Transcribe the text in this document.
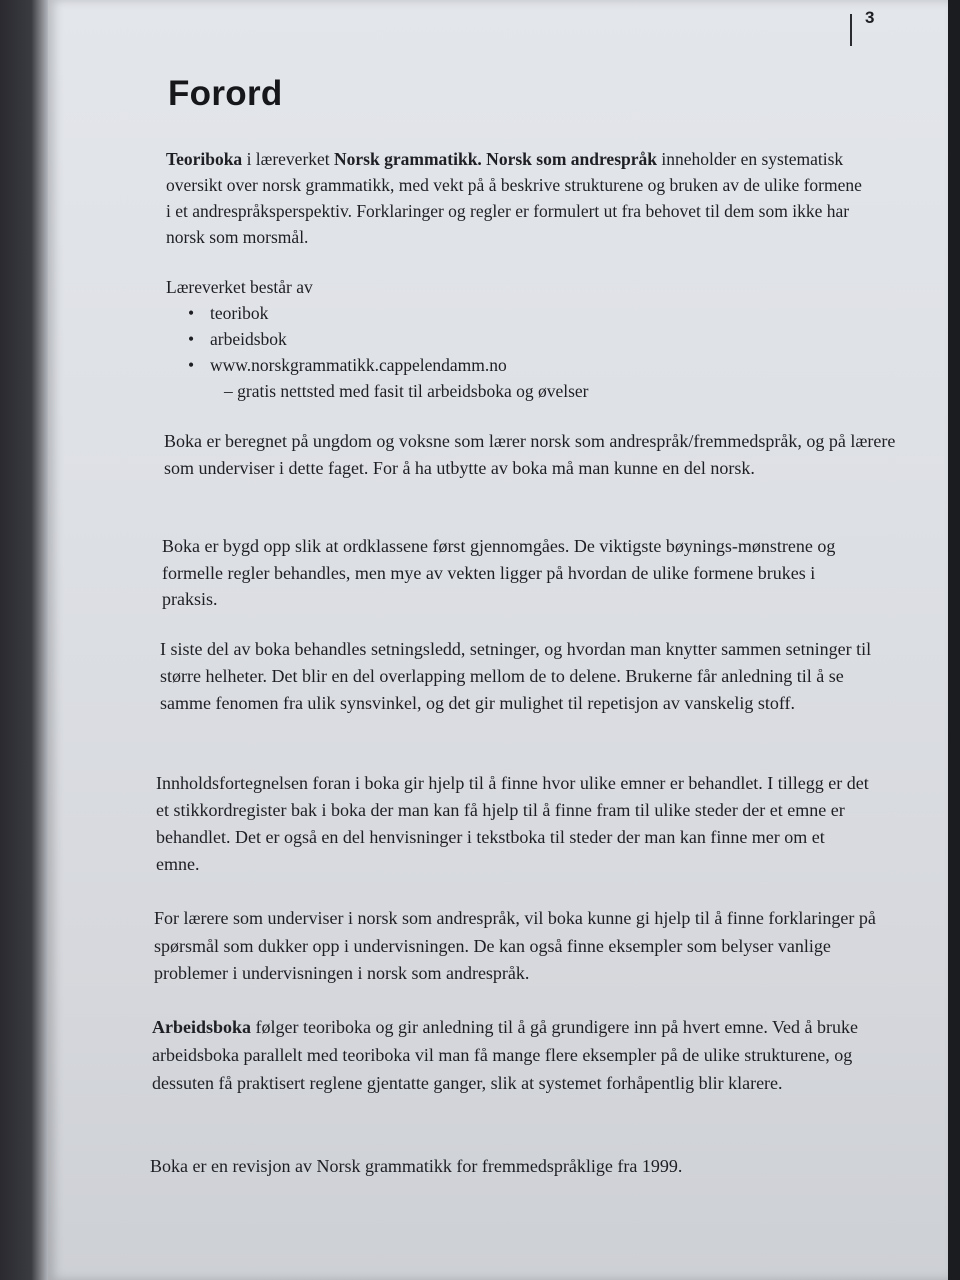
3
Forord

Teoriboka i læreverket Norsk grammatikk. Norsk som andrespråk inneholder en systematisk oversikt over norsk grammatikk, med vekt på å beskrive strukturene og bruken av de ulike formene i et andrespråksperspektiv. Forklaringer og regler er formulert ut fra behovet til dem som ikke har norsk som morsmål.

Læreverket består av
• teoribok
• arbeidsbok
• www.norskgrammatikk.cappelendamm.no
– gratis nettsted med fasit til arbeidsboka og øvelser

Boka er beregnet på ungdom og voksne som lærer norsk som andrespråk/fremmedspråk, og på lærere som underviser i dette faget. For å ha utbytte av boka må man kunne en del norsk.

Boka er bygd opp slik at ordklassene først gjennomgåes. De viktigste bøynings-mønstrene og formelle regler behandles, men mye av vekten ligger på hvordan de ulike formene brukes i praksis.

I siste del av boka behandles setningsledd, setninger, og hvordan man knytter sammen setninger til større helheter. Det blir en del overlapping mellom de to delene. Brukerne får anledning til å se samme fenomen fra ulik synsvinkel, og det gir mulighet til repetisjon av vanskelig stoff.

Innholdsfortegnelsen foran i boka gir hjelp til å finne hvor ulike emner er behandlet. I tillegg er det et stikkordregister bak i boka der man kan få hjelp til å finne fram til ulike steder der et emne er behandlet. Det er også en del henvisninger i tekstboka til steder der man kan finne mer om et emne.

For lærere som underviser i norsk som andrespråk, vil boka kunne gi hjelp til å finne forklaringer på spørsmål som dukker opp i undervisningen. De kan også finne eksempler som belyser vanlige problemer i undervisningen i norsk som andrespråk.

Arbeidsboka følger teoriboka og gir anledning til å gå grundigere inn på hvert emne. Ved å bruke arbeidsboka parallelt med teoriboka vil man få mange flere eksempler på de ulike strukturene, og dessuten få praktisert reglene gjentatte ganger, slik at systemet forhåpentlig blir klarere.

Boka er en revisjon av Norsk grammatikk for fremmedspråklige fra 1999.
